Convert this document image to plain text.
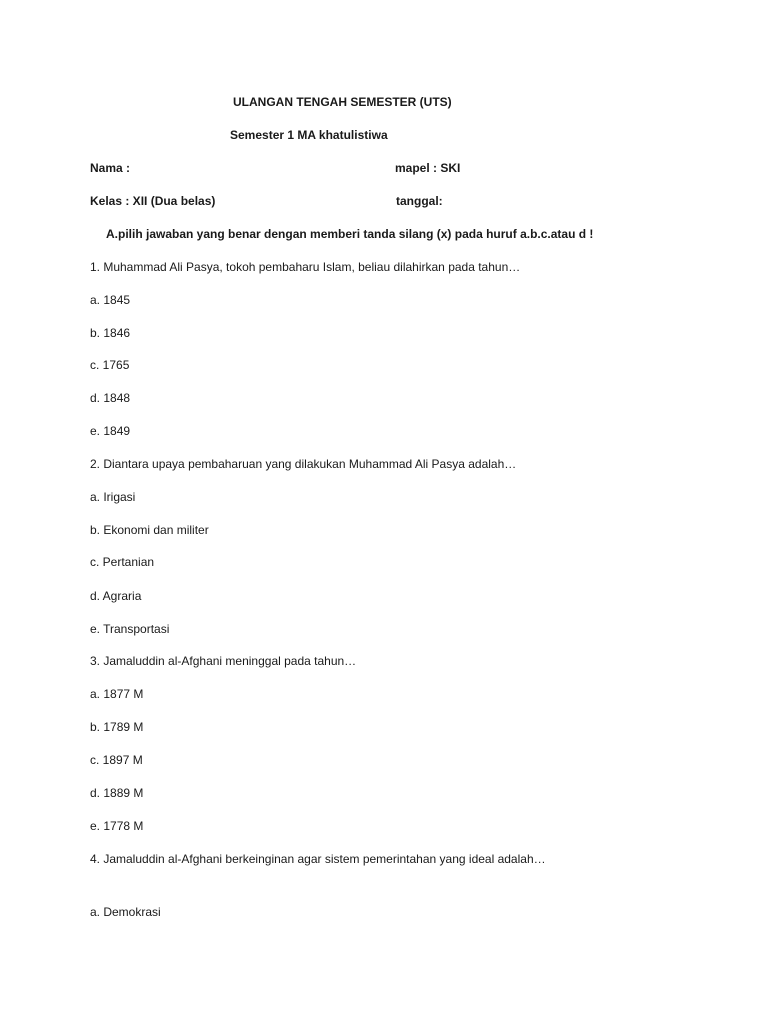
ULANGAN TENGAH SEMESTER (UTS)
Semester 1 MA khatulistiwa
Nama :	mapel : SKI
Kelas : XII (Dua belas)	tanggal:
A.pilih jawaban yang benar dengan memberi tanda silang (x) pada huruf a.b.c.atau d !
1. Muhammad Ali Pasya, tokoh pembaharu Islam, beliau dilahirkan pada tahun…
a. 1845
b. 1846
c. 1765
d. 1848
e. 1849
2. Diantara upaya pembaharuan yang dilakukan Muhammad Ali Pasya adalah…
a. Irigasi
b. Ekonomi dan militer
c. Pertanian
d. Agraria
e. Transportasi
3. Jamaluddin al-Afghani meninggal pada tahun…
a. 1877 M
b. 1789 M
c. 1897 M
d. 1889 M
e. 1778 M
4. Jamaluddin al-Afghani berkeinginan agar sistem pemerintahan yang ideal adalah…
a. Demokrasi
